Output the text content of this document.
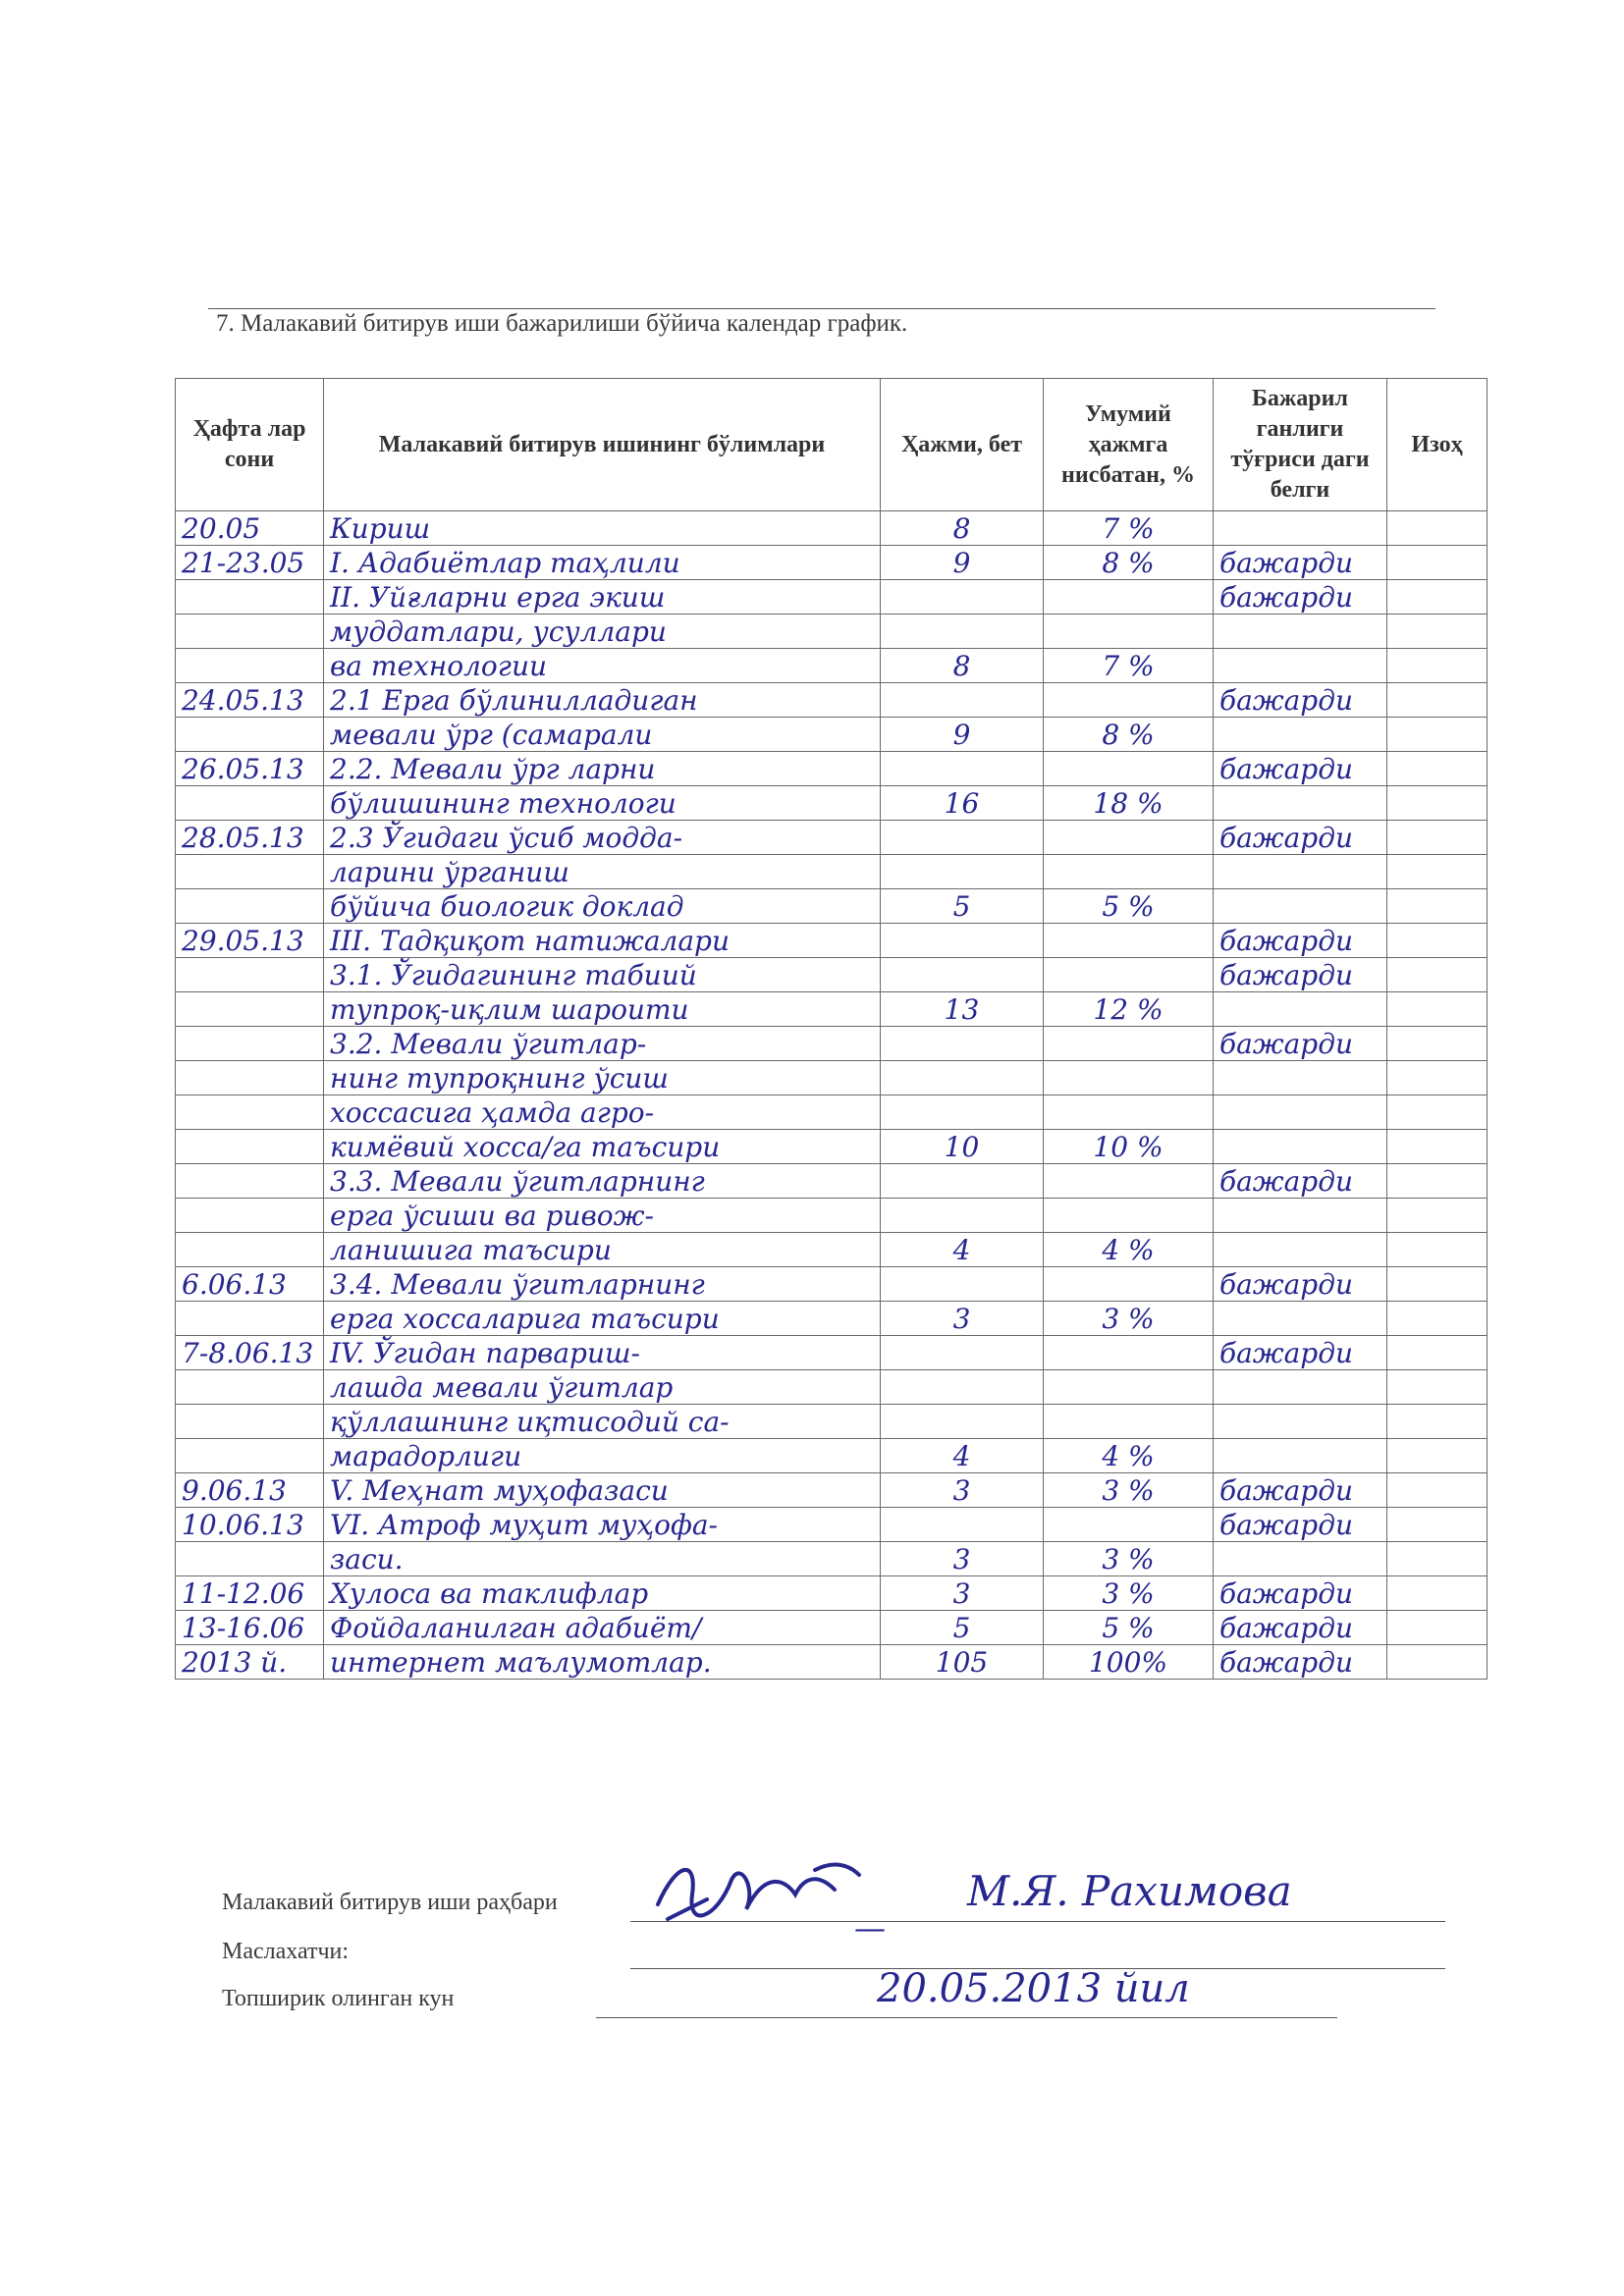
7. Малакавий битирув иши бажарилиши бўйича календар график.
Ҳафта лар сони	Малакавий битирув ишининг бўлимлари	Ҳажми, бет	Умумий ҳажмга нисбатан, %	Бажарил ганлиги тўғриси даги белги	Изоҳ
20.05	Кириш	8	7 %		
21-23.05	I. Адабиётлар таҳлили	9	8 %	бажарди	
	II. Уйғларни ерга экиш			бажарди	
	муддатлари, усуллари				
	ва технологии	8	7 %		
24.05.13	2.1 Ерга бўлинилладиган			бажарди	
	мевали ўрг (самарали	9	8 %		
26.05.13	2.2. Мевали ўрг ларни			бажарди	
	бўлишининг технологи	16	18 %		
28.05.13	2.3 Ўгидаги ўсиб модда-			бажарди	
	ларини ўрганиш				
	бўйича биологик доклад	5	5 %		
29.05.13	III. Тадқиқот натижалари			бажарди	
	3.1. Ўгидагининг табиий			бажарди	
	тупроқ-иқлим шароити	13	12 %		
	3.2. Мевали ўгитлар-			бажарди	
	нинг тупроқнинг ўсиш				
	хоссасига ҳамда агро-				
	кимёвий хосса/га таъсири	10	10 %		
	3.3. Мевали ўгитларнинг			бажарди	
	ерга ўсиши ва ривож-				
	ланишига таъсири	4	4 %		
6.06.13	3.4. Мевали ўгитларнинг			бажарди	
	ерга хоссаларига таъсири	3	3 %		
7-8.06.13	IV. Ўгидан парвариш-			бажарди	
	лашда мевали ўгитлар				
	қўллашнинг иқтисодий са-				
	марадорлиги	4	4 %		
9.06.13	V. Меҳнат муҳофазаси	3	3 %	бажарди	
10.06.13	VI. Атроф муҳит муҳофа-			бажарди	
	заси.	3	3 %		
11-12.06	Хулоса ва таклифлар	3	3 %	бажарди	
13-16.06	Фойдаланилган адабиёт/	5	5 %	бажарди	
2013 й.	интернет маълумотлар.	105	100%	бажарди	
Малакавий битирув иши раҳбари	М.Я. Рахимова
Маслахатчи:
—
Топширик олинган кун	20.05.2013 йил
